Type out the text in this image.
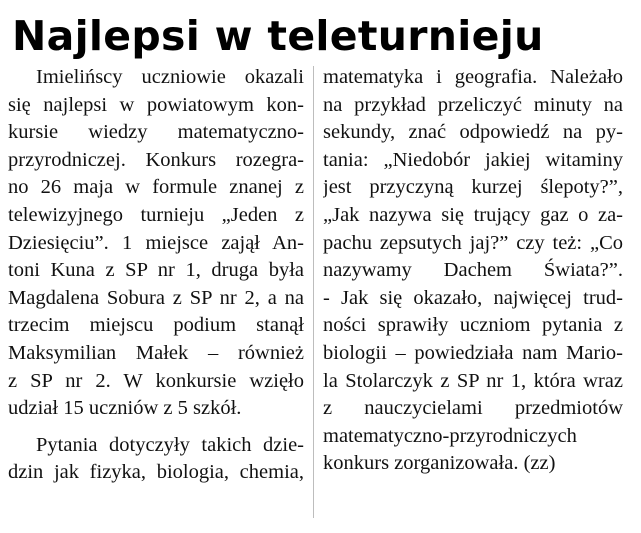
Najlepsi w teleturnieju
Imielińscy uczniowie okazali
się najlepsi w powiatowym kon-
kursie wiedzy matematyczno-
przyrodniczej. Konkurs rozegra-
no 26 maja w formule znanej z
telewizyjnego turnieju „Jeden z
Dziesięciu”. 1 miejsce zajął An-
toni Kuna z SP nr 1, druga była
Magdalena Sobura z SP nr 2, a na
trzecim miejscu podium stanął
Maksymilian Małek – również
z SP nr 2. W konkursie wzięło
udział 15 uczniów z 5 szkół.
Pytania dotyczyły takich dzie-
dzin jak fizyka, biologia, chemia,
matematyka i geografia. Należało
na przykład przeliczyć minuty na
sekundy, znać odpowiedź na py-
tania: „Niedobór jakiej witaminy
jest przyczyną kurzej ślepoty?”,
„Jak nazywa się trujący gaz o za-
pachu zepsutych jaj?” czy też: „Co
nazywamy Dachem Świata?”.
- Jak się okazało, najwięcej trud-
ności sprawiły uczniom pytania z
biologii – powiedziała nam Mario-
la Stolarczyk z SP nr 1, która wraz
z nauczycielami przedmiotów
matematyczno-przyrodniczych
konkurs zorganizowała. (zz)
